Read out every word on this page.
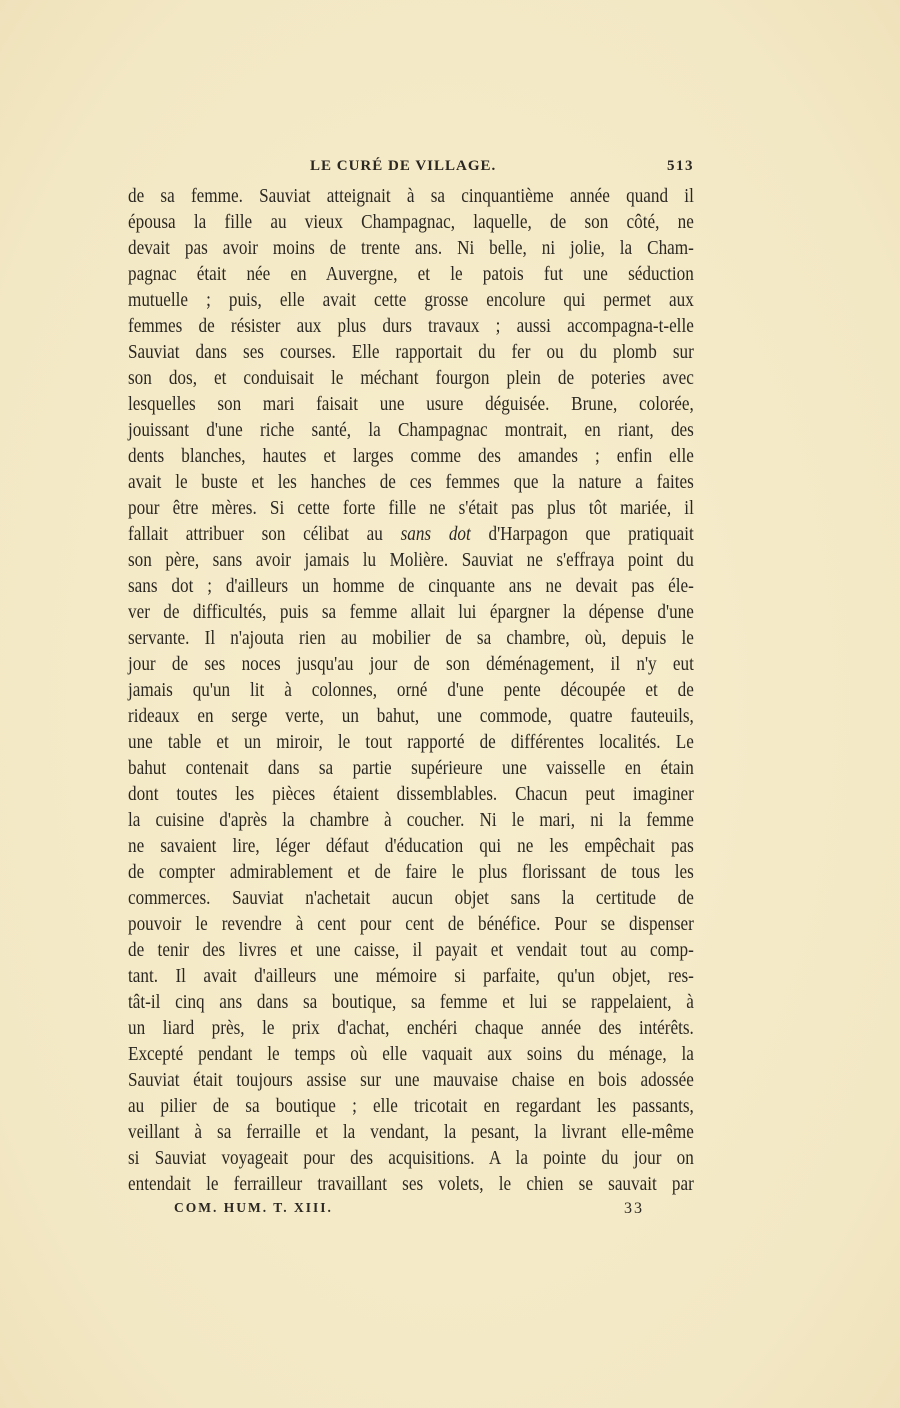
LE CURÉ DE VILLAGE.	513
de sa femme. Sauviat atteignait à sa cinquantième année quand il
épousa la fille au vieux Champagnac, laquelle, de son côté, ne
devait pas avoir moins de trente ans. Ni belle, ni jolie, la Cham-
pagnac était née en Auvergne, et le patois fut une séduction
mutuelle ; puis, elle avait cette grosse encolure qui permet aux
femmes de résister aux plus durs travaux ; aussi accompagna-t-elle
Sauviat dans ses courses. Elle rapportait du fer ou du plomb sur
son dos, et conduisait le méchant fourgon plein de poteries avec
lesquelles son mari faisait une usure déguisée. Brune, colorée,
jouissant d'une riche santé, la Champagnac montrait, en riant, des
dents blanches, hautes et larges comme des amandes ; enfin elle
avait le buste et les hanches de ces femmes que la nature a faites
pour être mères. Si cette forte fille ne s'était pas plus tôt mariée, il
fallait attribuer son célibat au sans dot d'Harpagon que pratiquait
son père, sans avoir jamais lu Molière. Sauviat ne s'effraya point du
sans dot ; d'ailleurs un homme de cinquante ans ne devait pas éle-
ver de difficultés, puis sa femme allait lui épargner la dépense d'une
servante. Il n'ajouta rien au mobilier de sa chambre, où, depuis le
jour de ses noces jusqu'au jour de son déménagement, il n'y eut
jamais qu'un lit à colonnes, orné d'une pente découpée et de
rideaux en serge verte, un bahut, une commode, quatre fauteuils,
une table et un miroir, le tout rapporté de différentes localités. Le
bahut contenait dans sa partie supérieure une vaisselle en étain
dont toutes les pièces étaient dissemblables. Chacun peut imaginer
la cuisine d'après la chambre à coucher. Ni le mari, ni la femme
ne savaient lire, léger défaut d'éducation qui ne les empêchait pas
de compter admirablement et de faire le plus florissant de tous les
commerces. Sauviat n'achetait aucun objet sans la certitude de
pouvoir le revendre à cent pour cent de bénéfice. Pour se dispenser
de tenir des livres et une caisse, il payait et vendait tout au comp-
tant. Il avait d'ailleurs une mémoire si parfaite, qu'un objet, res-
tât-il cinq ans dans sa boutique, sa femme et lui se rappelaient, à
un liard près, le prix d'achat, enchéri chaque année des intérêts.
Excepté pendant le temps où elle vaquait aux soins du ménage, la
Sauviat était toujours assise sur une mauvaise chaise en bois adossée
au pilier de sa boutique ; elle tricotait en regardant les passants,
veillant à sa ferraille et la vendant, la pesant, la livrant elle-même
si Sauviat voyageait pour des acquisitions. A la pointe du jour on
entendait le ferrailleur travaillant ses volets, le chien se sauvait par
COM. HUM. T. XIII.	33
